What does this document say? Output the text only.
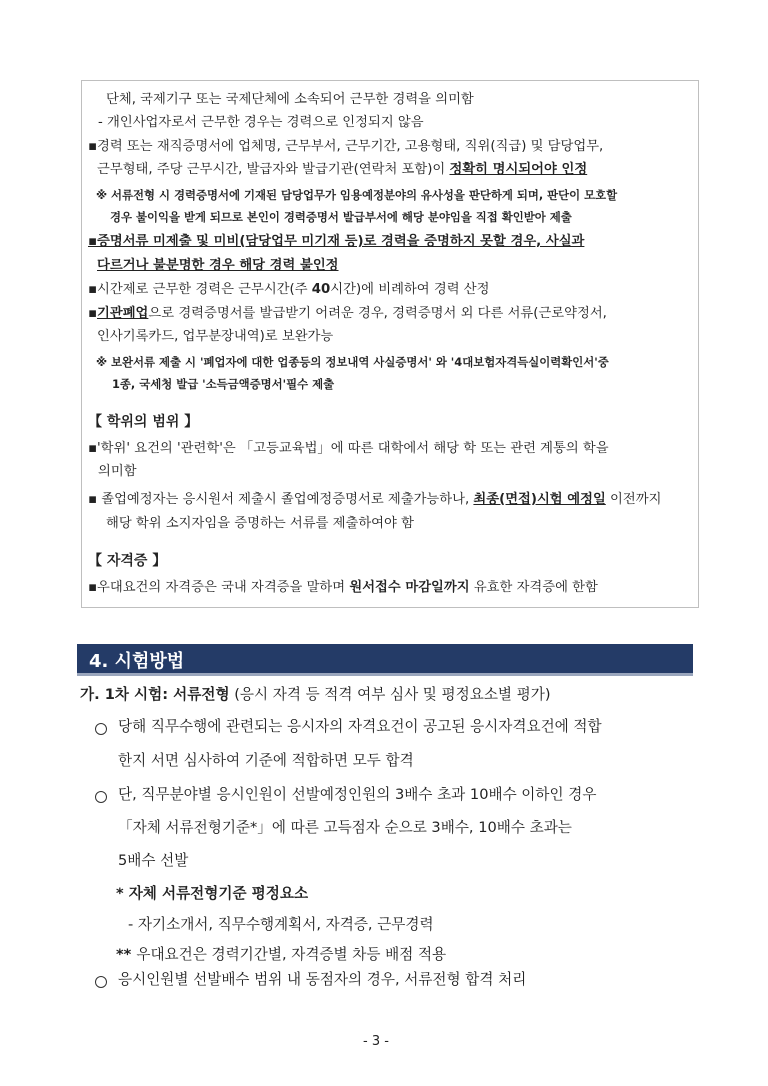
단체, 국제기구 또는 국제단체에 소속되어 근무한 경력을 의미함
- 개인사업자로서 근무한 경우는 경력으로 인정되지 않음
▪경력 또는 재직증명서에 업체명, 근무부서, 근무기간, 고용형태, 직위(직급) 및 담당업무,
근무형태, 주당 근무시간, 발급자와 발급기관(연락처 포함)이 정확히 명시되어야 인정
※ 서류전형 시 경력증명서에 기재된 담당업무가 임용예정분야의 유사성을 판단하게 되며, 판단이 모호할
경우 불이익을 받게 되므로 본인이 경력증명서 발급부서에 해당 분야임을 직접 확인받아 제출
▪증명서류 미제출 및 미비(담당업무 미기재 등)로 경력을 증명하지 못할 경우, 사실과
다르거나 불분명한 경우 해당 경력 불인정
▪시간제로 근무한 경력은 근무시간(주 40시간)에 비례하여 경력 산정
▪기관폐업으로 경력증명서를 발급받기 어려운 경우, 경력증명서 외 다른 서류(근로약정서,
인사기록카드, 업무분장내역)로 보완가능
※ 보완서류 제출 시 '폐업자에 대한 업종등의 정보내역 사실증명서' 와 '4대보험자격득실이력확인서'중
1종, 국세청 발급 '소득금액증명서'필수 제출
【 학위의 범위 】
▪'학위' 요건의 '관련학'은 「고등교육법」에 따른 대학에서 해당 학 또는 관련 계통의 학을
의미함
▪ 졸업예정자는 응시원서 제출시 졸업예정증명서로 제출가능하나, 최종(면접)시험 예정일 이전까지
해당 학위 소지자임을 증명하는 서류를 제출하여야 함
【 자격증 】
▪우대요건의 자격증은 국내 자격증을 말하며 원서접수 마감일까지 유효한 자격증에 한함
4. 시험방법
가. 1차 시험: 서류전형 (응시 자격 등 적격 여부 심사 및 평정요소별 평가)
당해 직무수행에 관련되는 응시자의 자격요건이 공고된 응시자격요건에 적합
한지 서면 심사하여 기준에 적합하면 모두 합격
단, 직무분야별 응시인원이 선발예정인원의 3배수 초과 10배수 이하인 경우
「자체 서류전형기준*」에 따른 고득점자 순으로 3배수, 10배수 초과는
5배수 선발
* 자체 서류전형기준 평정요소
- 자기소개서, 직무수행계획서, 자격증, 근무경력
** 우대요건은 경력기간별, 자격증별 차등 배점 적용
응시인원별 선발배수 범위 내 동점자의 경우, 서류전형 합격 처리
- 3 -
